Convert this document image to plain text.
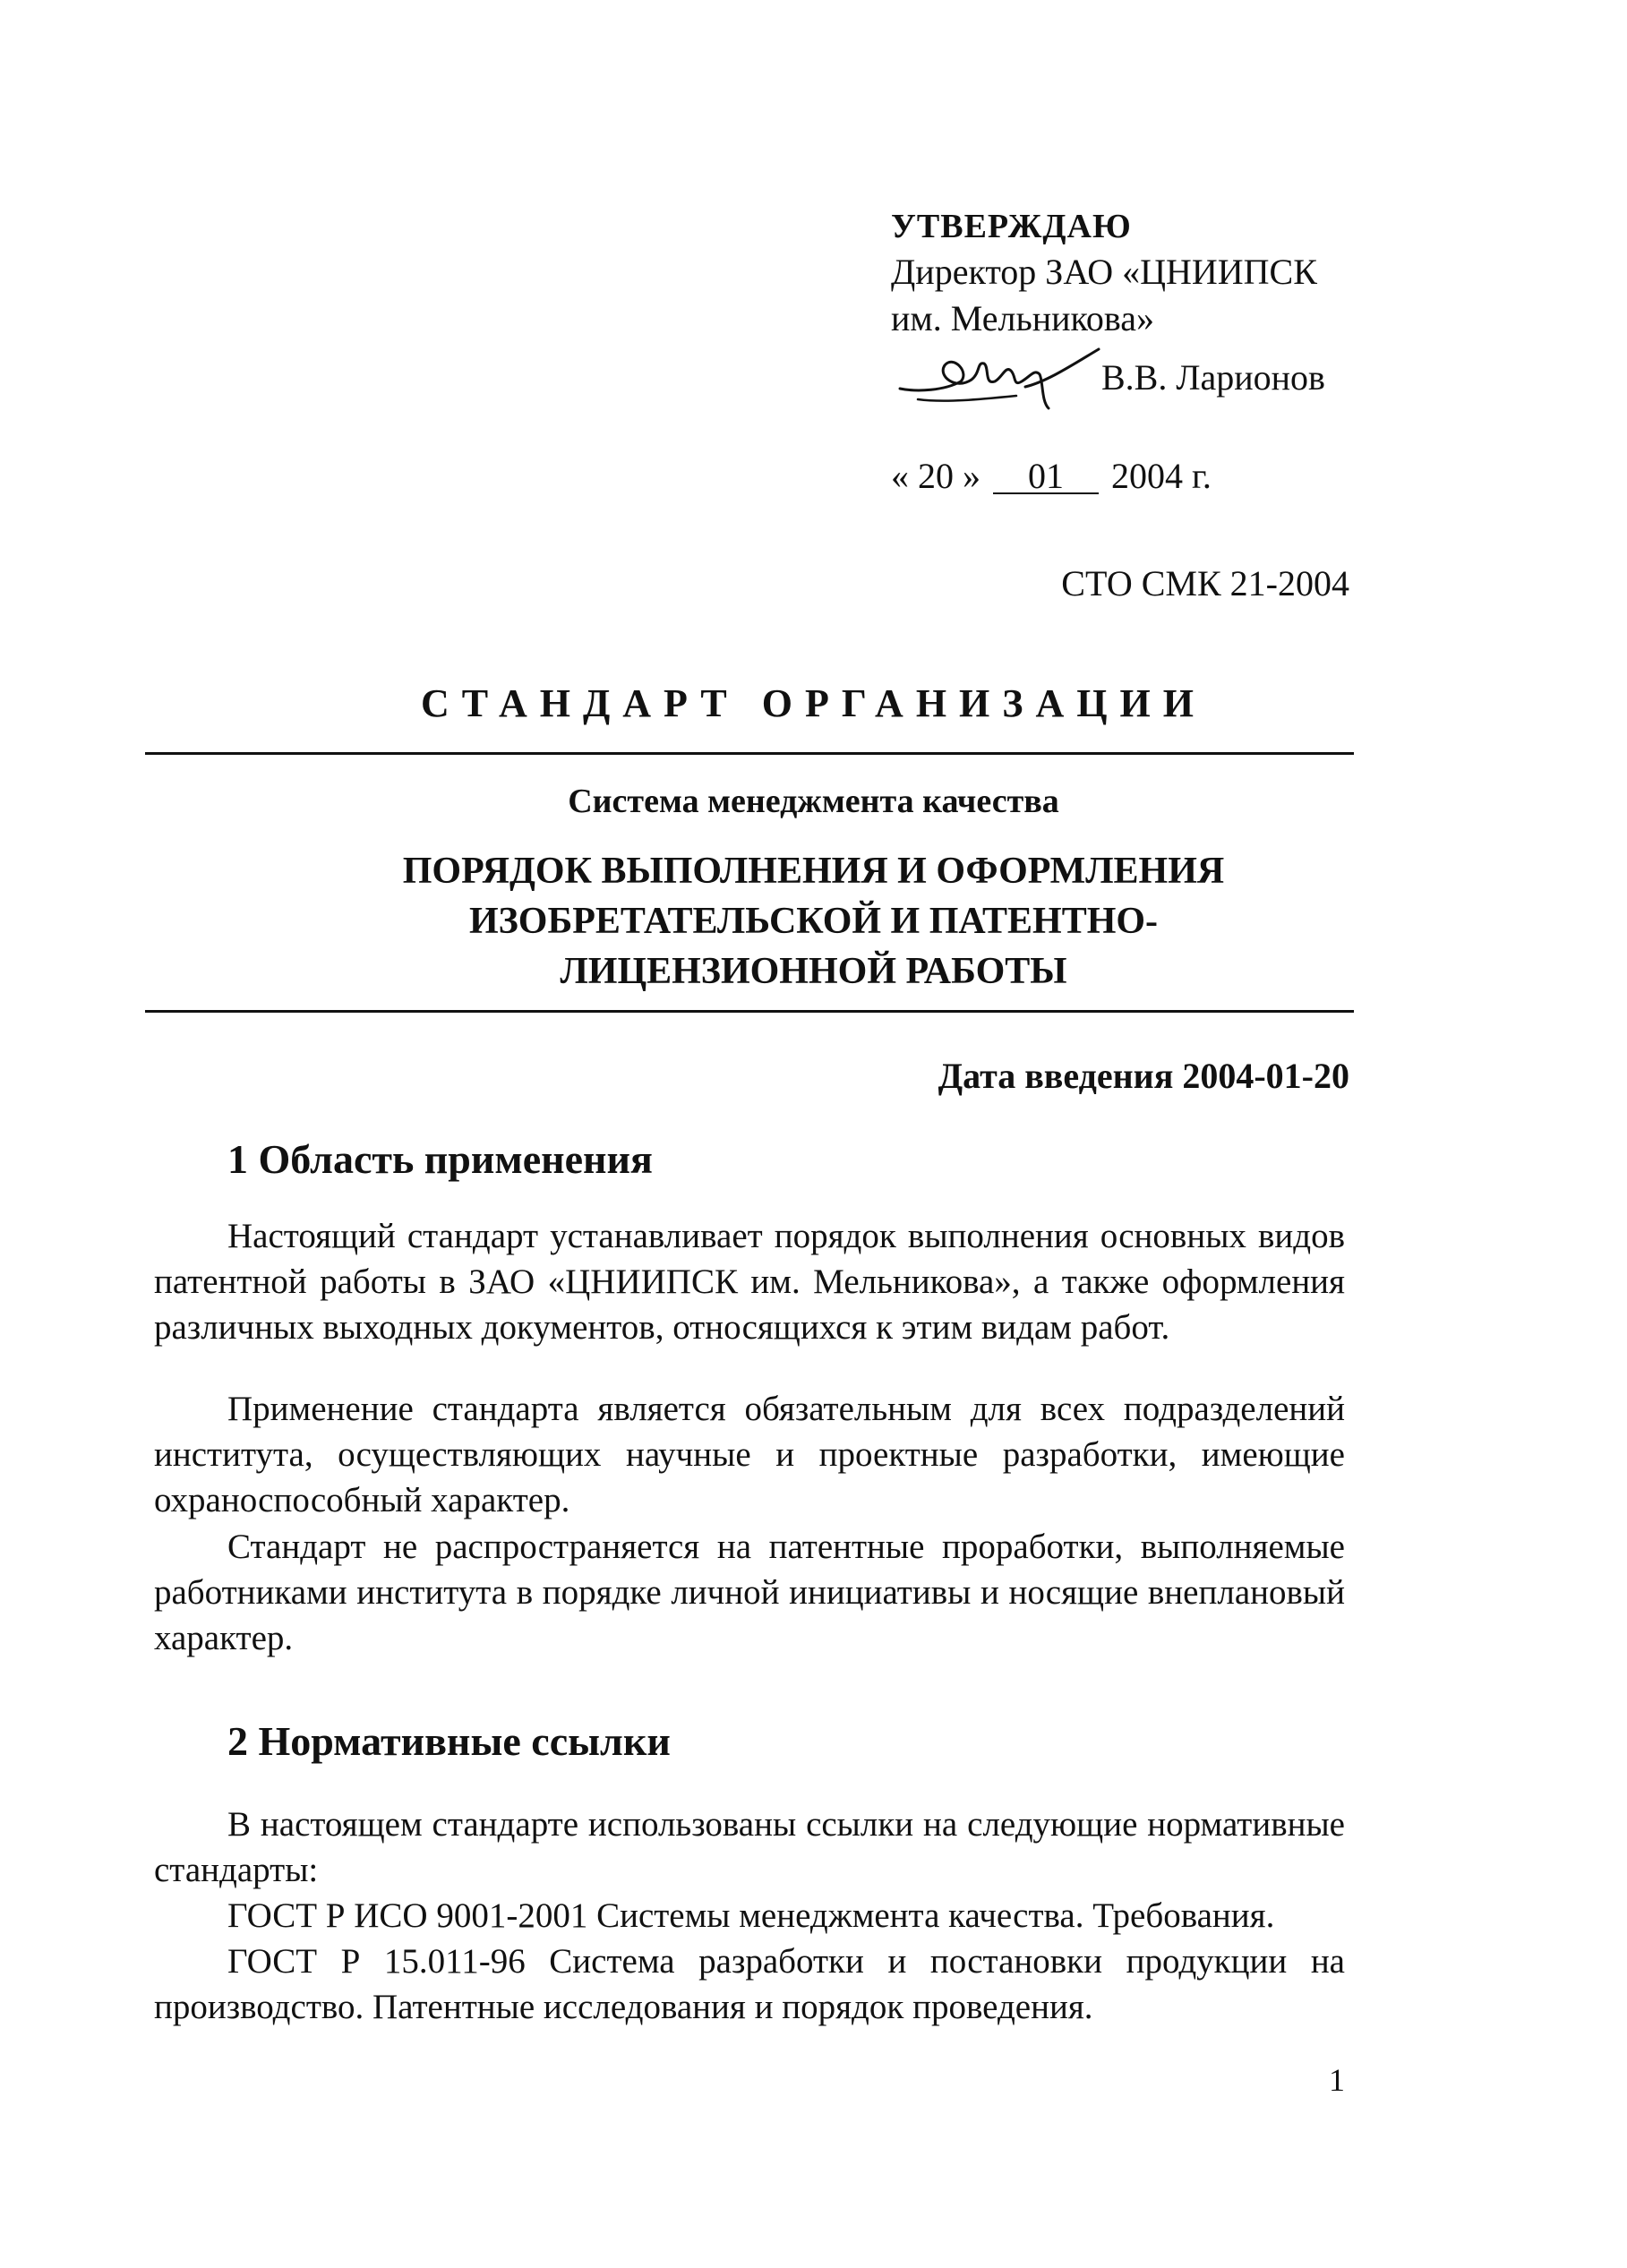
УТВЕРЖДАЮ
Директор ЗАО «ЦНИИПСК
им. Мельникова»
В.В. Ларионов
« 20 » 01 2004 г.
СТО СМК 21-2004
СТАНДАРТ ОРГАНИЗАЦИИ
Система менеджмента качества
ПОРЯДОК ВЫПОЛНЕНИЯ И ОФОРМЛЕНИЯ
ИЗОБРЕТАТЕЛЬСКОЙ И ПАТЕНТНО-
ЛИЦЕНЗИОННОЙ РАБОТЫ
Дата введения 2004-01-20
1 Область применения
Настоящий стандарт устанавливает порядок выполнения основных видов патентной работы в ЗАО «ЦНИИПСК им. Мельникова», а также оформления различных выходных документов, относящихся к этим видам работ.
Применение стандарта является обязательным для всех подразделений института, осуществляющих научные и проектные разработки, имеющие охраноспособный характер.
Стандарт не распространяется на патентные проработки, выполняемые работниками института в порядке личной инициативы и носящие внеплановый характер.
2 Нормативные ссылки
В настоящем стандарте использованы ссылки на следующие нормативные стандарты:
ГОСТ Р ИСО 9001-2001 Системы менеджмента качества. Требования.
ГОСТ Р 15.011-96 Система разработки и постановки продукции на производство. Патентные исследования и порядок проведения.
1
